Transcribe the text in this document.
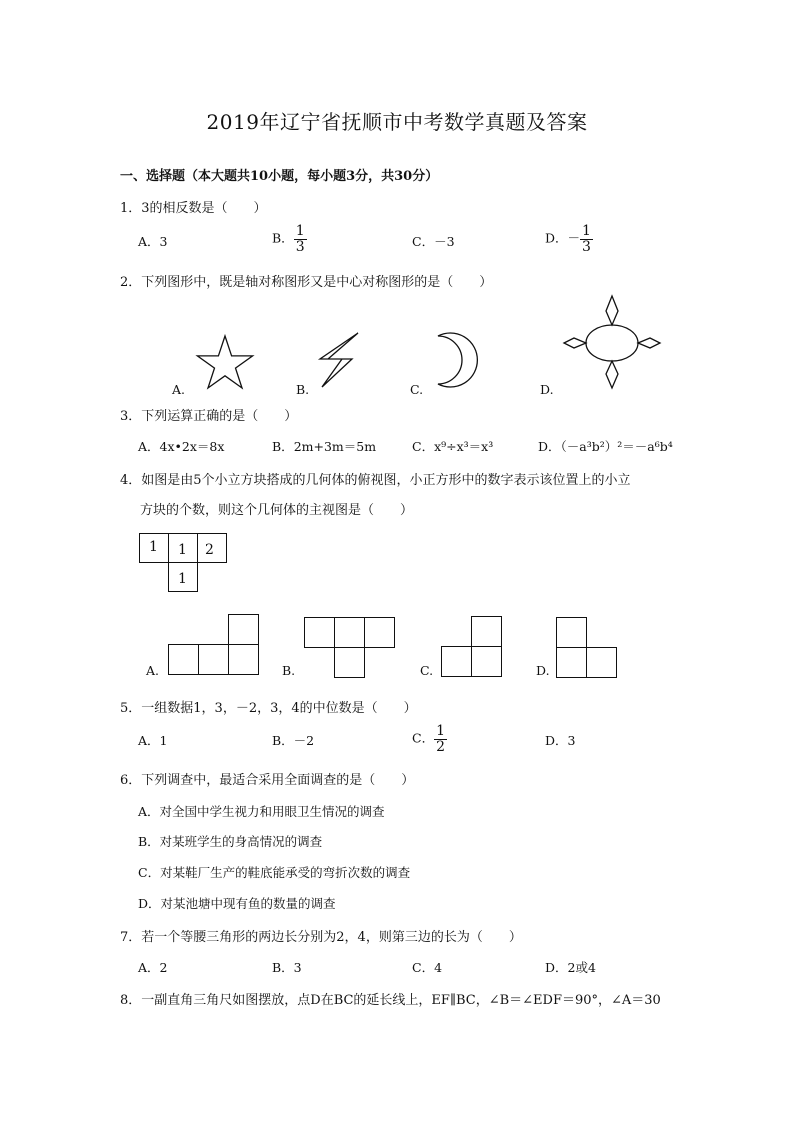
2019年辽宁省抚顺市中考数学真题及答案
一、选择题（本大题共10小题，每小题3分，共30分）
1．3的相反数是（　　）
A．3	B． $\frac{1}{3}$	C．－3	D．－ $\frac{1}{3}$
2．下列图形中，既是轴对称图形又是中心对称图形的是（　　）
A.	B.	C.	D.
3．下列运算正确的是（　　）
A．4x•2x＝8x	B．2m+3m＝5m	C．x⁹÷x³＝x³	D．（－a³b²）²＝－a⁶b⁴
4．如图是由5个小立方块搭成的几何体的俯视图，小正方形中的数字表示该位置上的小立
方块的个数，则这个几何体的主视图是（　　）
1 1 2
1
A.	B.	C.	D.
5．一组数据1，3，－2，3，4的中位数是（　　）
A．1	B．－2	C． $\frac{1}{2}$	D．3
6．下列调查中，最适合采用全面调查的是（　　）
A．对全国中学生视力和用眼卫生情况的调查
B．对某班学生的身高情况的调查
C．对某鞋厂生产的鞋底能承受的弯折次数的调查
D．对某池塘中现有鱼的数量的调查
7．若一个等腰三角形的两边长分别为2，4，则第三边的长为（　　）
A．2	B．3	C．4	D．2或4
8．一副直角三角尺如图摆放，点D在BC的延长线上，EF∥BC，∠B＝∠EDF＝90°，∠A＝30
